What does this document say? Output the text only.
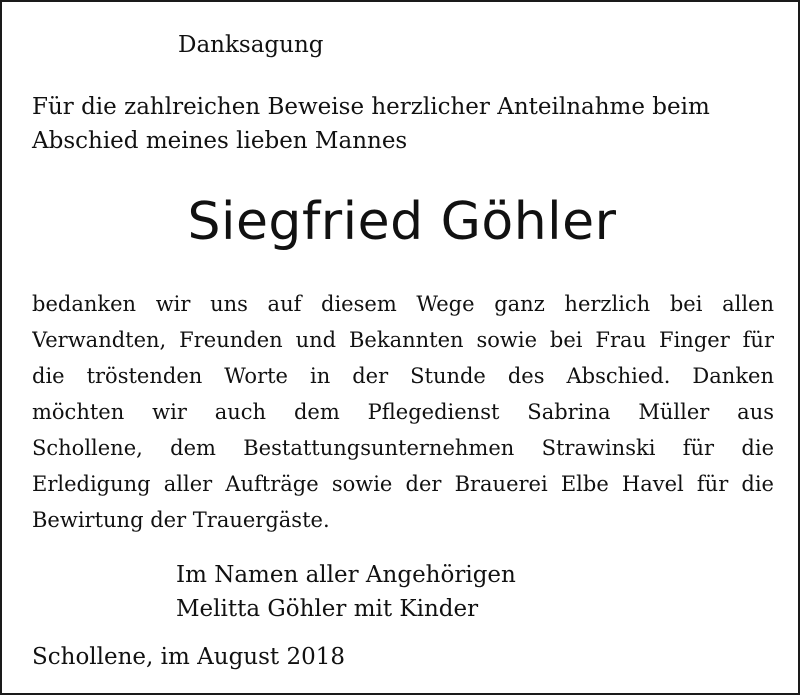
Danksagung
Für die zahlreichen Beweise herzlicher Anteilnahme beim
Abschied meines lieben Mannes
Siegfried Göhler
bedanken wir uns auf diesem Wege ganz herzlich bei allen
Verwandten, Freunden und Bekannten sowie bei Frau Finger für
die tröstenden Worte in der Stunde des Abschied. Danken
möchten wir auch dem Pflegedienst Sabrina Müller aus
Schollene, dem Bestattungsunternehmen Strawinski für die
Erledigung aller Aufträge sowie der Brauerei Elbe Havel für die
Bewirtung der Trauergäste.
Im Namen aller Angehörigen
Melitta Göhler mit Kinder
Schollene, im August 2018
